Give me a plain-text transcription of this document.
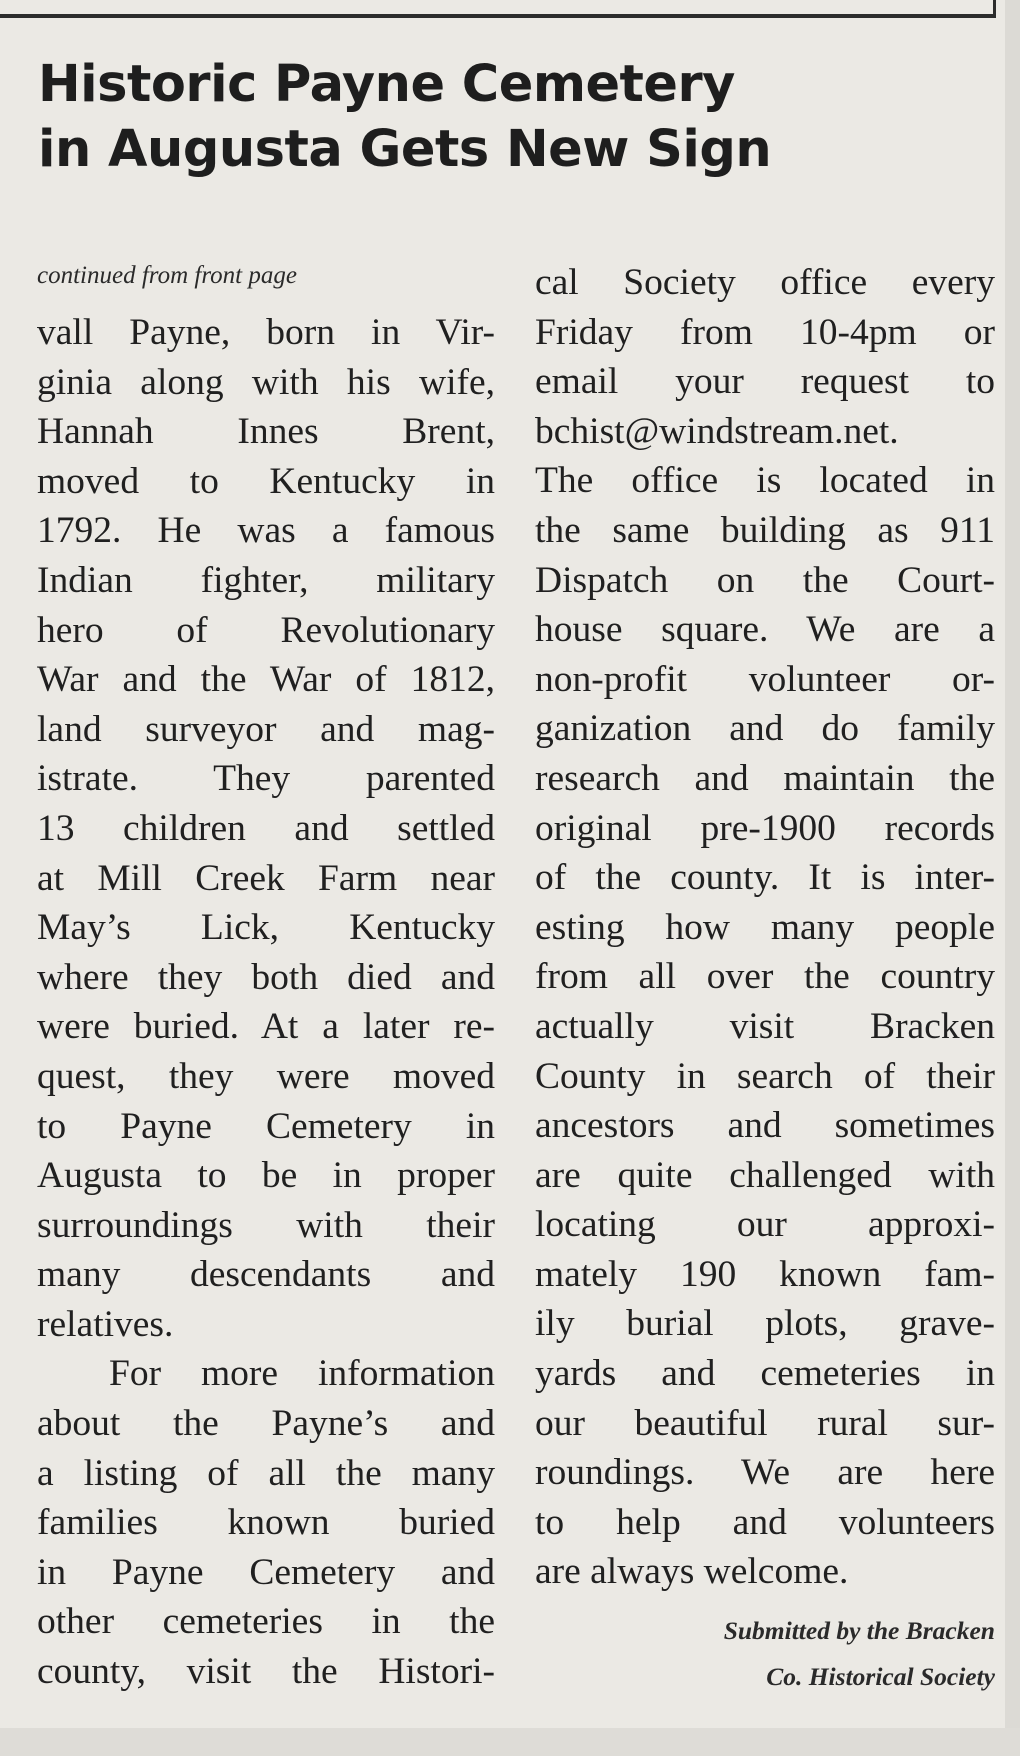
Historic Payne Cemetery
in Augusta Gets New Sign
continued from front page
vall Payne, born in Vir-
ginia along with his wife,
Hannah Innes Brent,
moved to Kentucky in
1792. He was a famous
Indian fighter, military
hero of Revolutionary
War and the War of 1812,
land surveyor and mag-
istrate. They parented
13 children and settled
at Mill Creek Farm near
May’s Lick, Kentucky
where they both died and
were buried. At a later re-
quest, they were moved
to Payne Cemetery in
Augusta to be in proper
surroundings with their
many descendants and
relatives.
For more information
about the Payne’s and
a listing of all the many
families known buried
in Payne Cemetery and
other cemeteries in the
county, visit the Histori-
cal Society office every
Friday from 10-4pm or
email your request to
bchist@windstream.net.
The office is located in
the same building as 911
Dispatch on the Court-
house square. We are a
non-profit volunteer or-
ganization and do family
research and maintain the
original pre-1900 records
of the county. It is inter-
esting how many people
from all over the country
actually visit Bracken
County in search of their
ancestors and sometimes
are quite challenged with
locating our approxi-
mately 190 known fam-
ily burial plots, grave-
yards and cemeteries in
our beautiful rural sur-
roundings. We are here
to help and volunteers
are always welcome.
Submitted by the Bracken
Co. Historical Society
